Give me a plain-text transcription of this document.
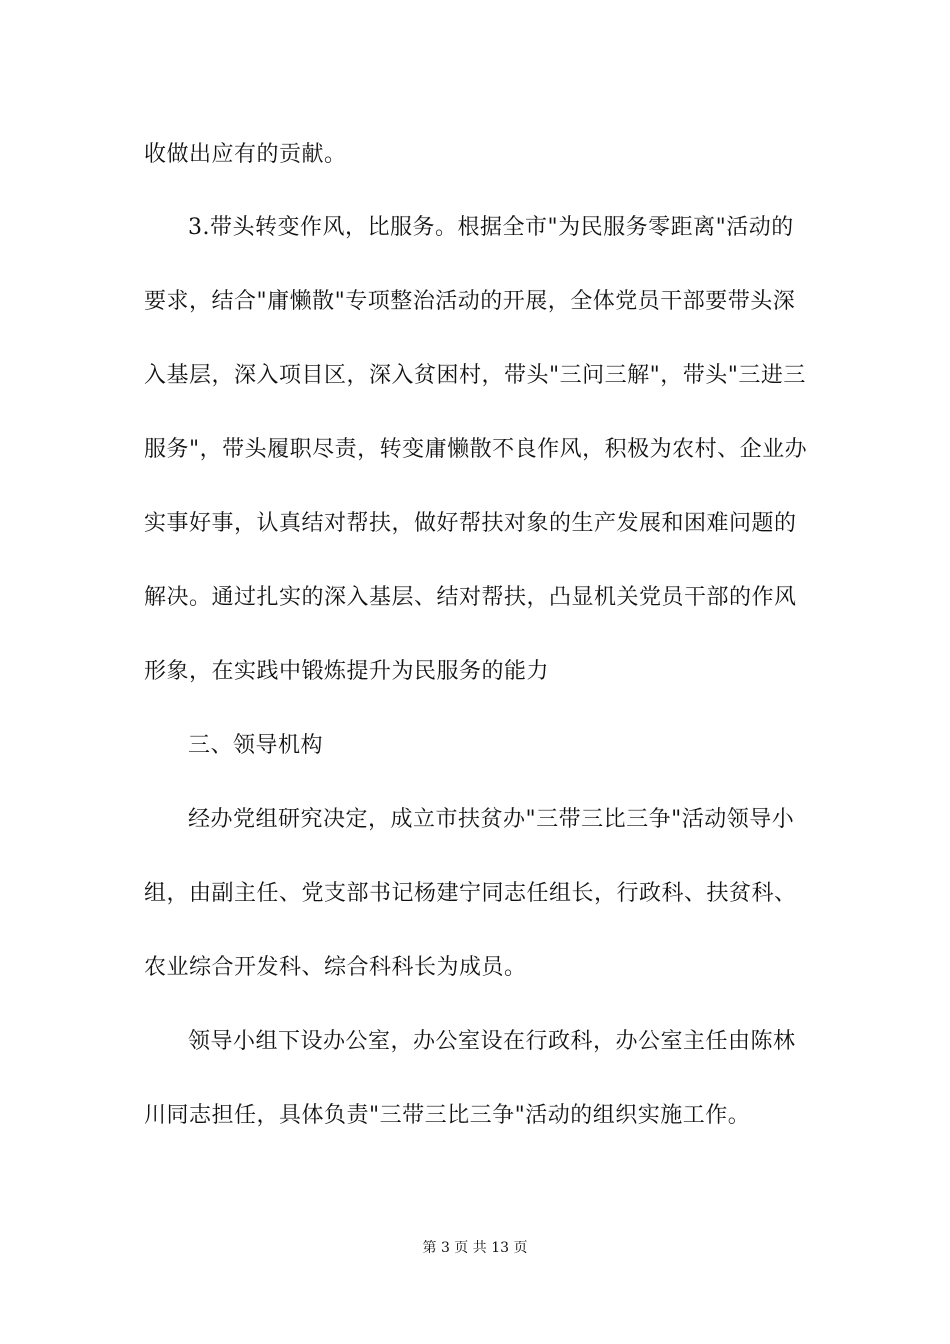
收做出应有的贡献。
3.带头转变作风，比服务。根据全市"为民服务零距离"活动的
要求，结合"庸懒散"专项整治活动的开展，全体党员干部要带头深
入基层，深入项目区，深入贫困村，带头"三问三解"，带头"三进三
服务"，带头履职尽责，转变庸懒散不良作风，积极为农村、企业办
实事好事，认真结对帮扶，做好帮扶对象的生产发展和困难问题的
解决。通过扎实的深入基层、结对帮扶，凸显机关党员干部的作风
形象，在实践中锻炼提升为民服务的能力
三、领导机构
经办党组研究决定，成立市扶贫办"三带三比三争"活动领导小
组，由副主任、党支部书记杨建宁同志任组长，行政科、扶贫科、
农业综合开发科、综合科科长为成员。
领导小组下设办公室，办公室设在行政科，办公室主任由陈林
川同志担任，具体负责"三带三比三争"活动的组织实施工作。
第 3 页 共 13 页
